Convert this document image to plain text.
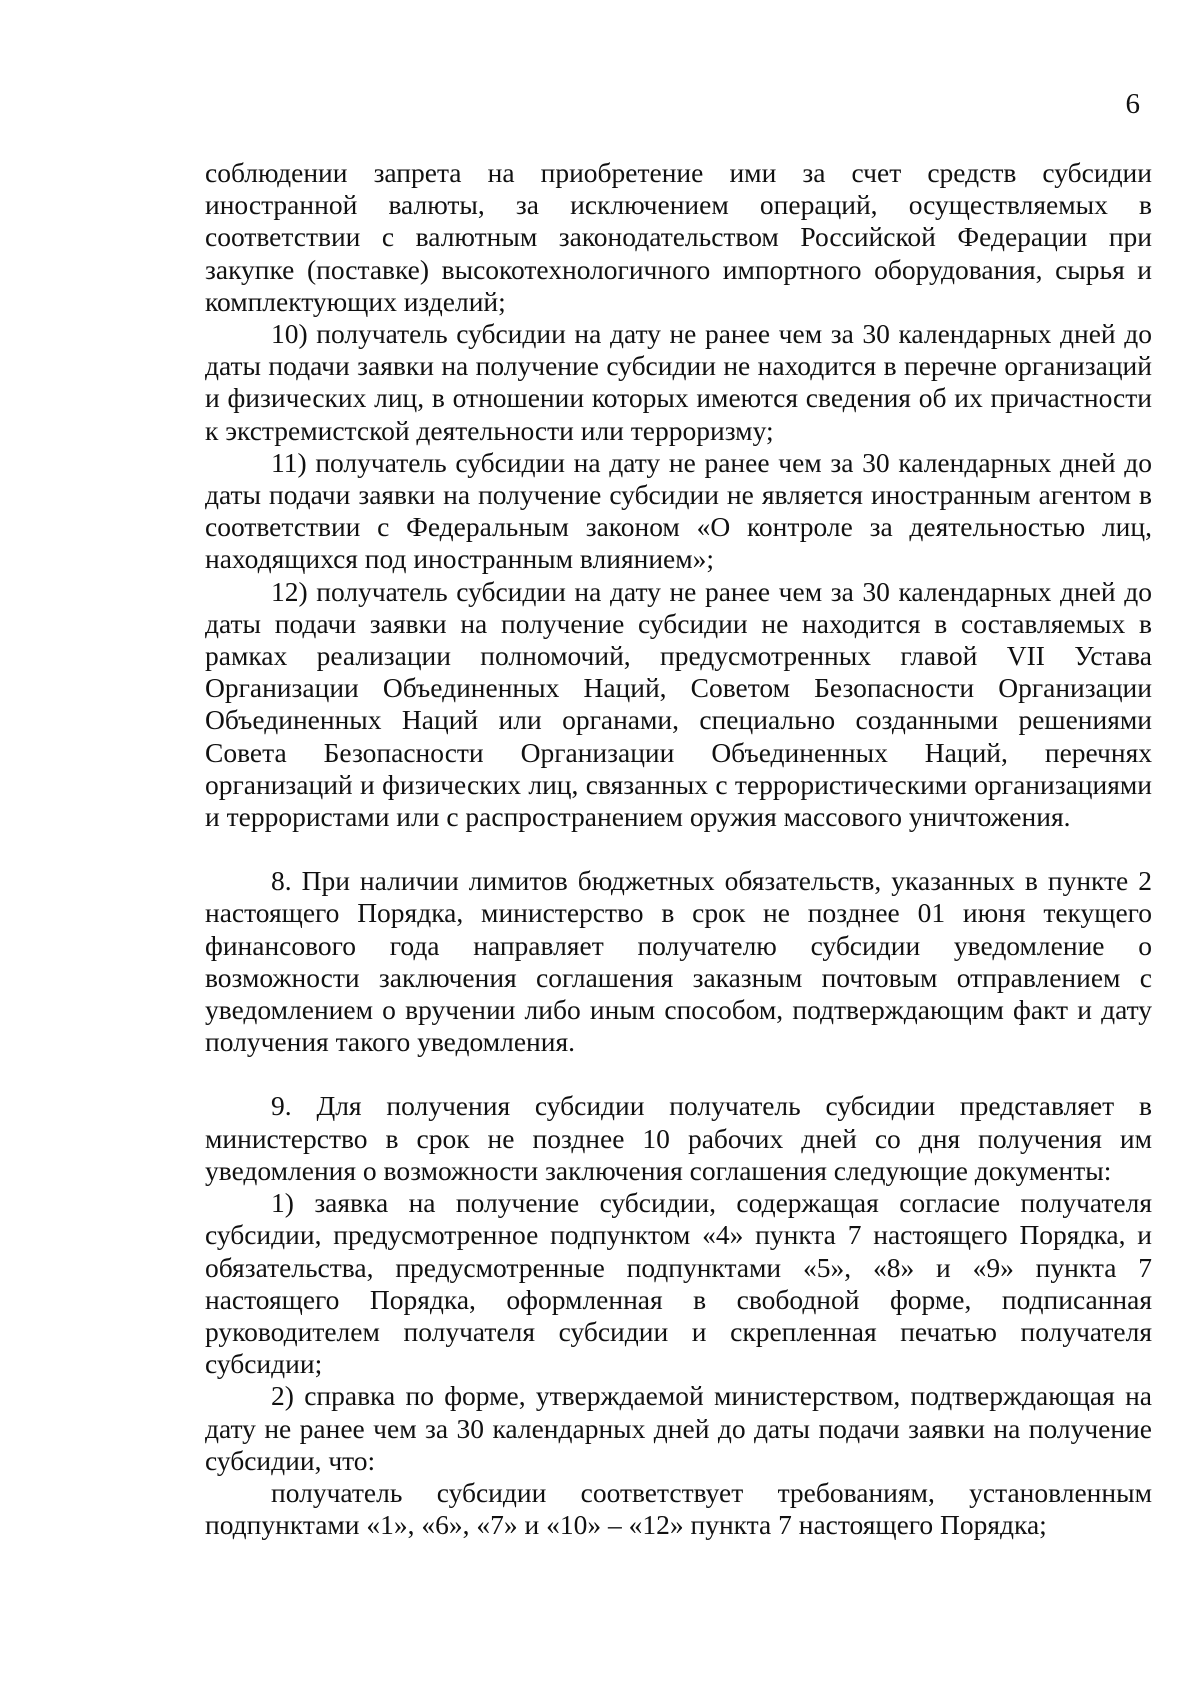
6

соблюдении запрета на приобретение ими за счет средств субсидии иностранной валюты, за исключением операций, осуществляемых в соответствии с валютным законодательством Российской Федерации при закупке (поставке) высокотехнологичного импортного оборудования, сырья и комплектующих изделий;

10) получатель субсидии на дату не ранее чем за 30 календарных дней до даты подачи заявки на получение субсидии не находится в перечне организаций и физических лиц, в отношении которых имеются сведения об их причастности к экстремистской деятельности или терроризму;

11) получатель субсидии на дату не ранее чем за 30 календарных дней до даты подачи заявки на получение субсидии не является иностранным агентом в соответствии с Федеральным законом «О контроле за деятельностью лиц, находящихся под иностранным влиянием»;

12) получатель субсидии на дату не ранее чем за 30 календарных дней до даты подачи заявки на получение субсидии не находится в составляемых в рамках реализации полномочий, предусмотренных главой VII Устава Организации Объединенных Наций, Советом Безопасности Организации Объединенных Наций или органами, специально созданными решениями Совета Безопасности Организации Объединенных Наций, перечнях организаций и физических лиц, связанных с террористическими организациями и террористами или с распространением оружия массового уничтожения.

8. При наличии лимитов бюджетных обязательств, указанных в пункте 2 настоящего Порядка, министерство в срок не позднее 01 июня текущего финансового года направляет получателю субсидии уведомление о возможности заключения соглашения заказным почтовым отправлением с уведомлением о вручении либо иным способом, подтверждающим факт и дату получения такого уведомления.

9. Для получения субсидии получатель субсидии представляет в министерство в срок не позднее 10 рабочих дней со дня получения им уведомления о возможности заключения соглашения следующие документы:

1) заявка на получение субсидии, содержащая согласие получателя субсидии, предусмотренное подпунктом «4» пункта 7 настоящего Порядка, и обязательства, предусмотренные подпунктами «5», «8» и «9» пункта 7 настоящего Порядка, оформленная в свободной форме, подписанная руководителем получателя субсидии и скрепленная печатью получателя субсидии;

2) справка по форме, утверждаемой министерством, подтверждающая на дату не ранее чем за 30 календарных дней до даты подачи заявки на получение субсидии, что:

получатель субсидии соответствует требованиям, установленным подпунктами «1», «6», «7» и «10» – «12» пункта 7 настоящего Порядка;
